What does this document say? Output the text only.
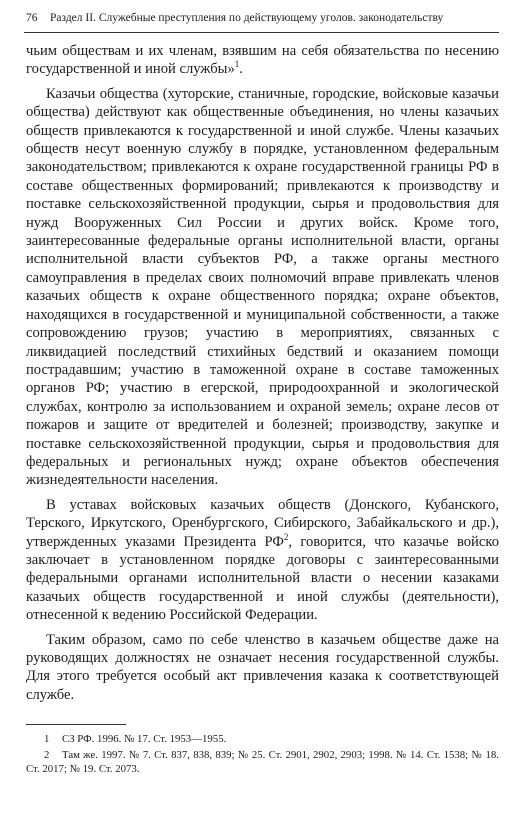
76 Раздел II. Служебные преступления по действующему уголов. законодательству

чьим обществам и их членам, взявшим на себя обязательства по несению государственной и иной службы»$^1$.

Казачьи общества (хуторские, станичные, городские, войсковые казачьи общества) действуют как общественные объединения, но члены казачьих обществ привлекаются к государственной и иной службе. Члены казачьих обществ несут военную службу в порядке, установленном федеральным законодательством; привлекаются к охране государственной границы РФ в составе общественных формирований; привлекаются к производству и поставке сельскохозяйственной продукции, сырья и продовольствия для нужд Вооруженных Сил России и других войск. Кроме того, заинтересованные федеральные органы исполнительной власти, органы исполнительной власти субъектов РФ, а также органы местного самоуправления в пределах своих полномочий вправе привлекать членов казачьих обществ к охране общественного порядка; охране объектов, находящихся в государственной и муниципальной собственности, а также сопровождению грузов; участию в мероприятиях, связанных с ликвидацией последствий стихийных бедствий и оказанием помощи пострадавшим; участию в таможенной охране в составе таможенных органов РФ; участию в егерской, природоохранной и экологической службах, контролю за использованием и охраной земель; охране лесов от пожаров и защите от вредителей и болезней; производству, закупке и поставке сельскохозяйственной продукции, сырья и продовольствия для федеральных и региональных нужд; охране объектов обеспечения жизнедеятельности населения.

В уставах войсковых казачьих обществ (Донского, Кубанского, Терского, Иркутского, Оренбургского, Сибирского, Забайкальского и др.), утвержденных указами Президента $РФ^2$, говорится, что казачье войско заключает в установленном порядке договоры с заинтересованными федеральными органами исполнительной власти о несении казаками казачьих обществ государственной и иной службы (деятельности), отнесенной к ведению Российской Федерации.

Таким образом, само по себе членство в казачьем обществе даже на руководящих должностях не означает несения государственной службы. Для этого требуется особый акт привлечения казака к соответствующей службе.

1 СЗ РФ. 1996. № 17. Ст. 1953—1955.
2 Там же. 1997. № 7. Ст. 837, 838, 839; № 25. Ст. 2901, 2902, 2903; 1998. № 14. Ст. 1538; № 18. Ст. 2017; № 19. Ст. 2073.
